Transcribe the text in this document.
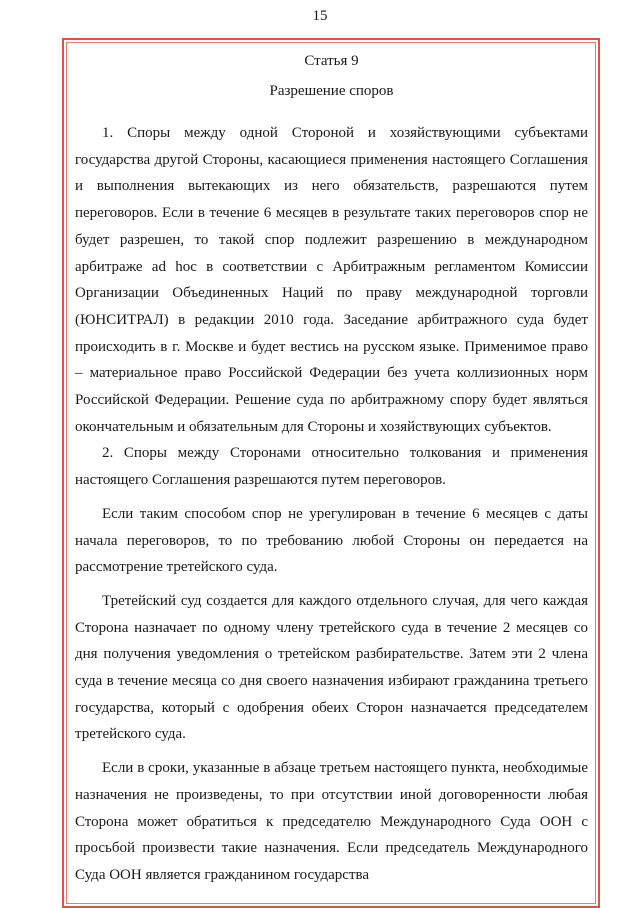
15

Статья 9

Разрешение споров

1. Споры между одной Стороной и хозяйствующими субъектами государства другой Стороны, касающиеся применения настоящего Соглашения и выполнения вытекающих из него обязательств, разрешаются путем переговоров. Если в течение 6 месяцев в результате таких переговоров спор не будет разрешен, то такой спор подлежит разрешению в международном арбитраже ad hoc в соответствии с Арбитражным регламентом Комиссии Организации Объединенных Наций по праву международной торговли (ЮНСИТРАЛ) в редакции 2010 года. Заседание арбитражного суда будет происходить в г. Москве и будет вестись на русском языке. Применимое право – материальное право Российской Федерации без учета коллизионных норм Российской Федерации. Решение суда по арбитражному спору будет являться окончательным и обязательным для Стороны и хозяйствующих субъектов.

2. Споры между Сторонами относительно толкования и применения настоящего Соглашения разрешаются путем переговоров.

Если таким способом спор не урегулирован в течение 6 месяцев с даты начала переговоров, то по требованию любой Стороны он передается на рассмотрение третейского суда.

Третейский суд создается для каждого отдельного случая, для чего каждая Сторона назначает по одному члену третейского суда в течение 2 месяцев со дня получения уведомления о третейском разбирательстве. Затем эти 2 члена суда в течение месяца со дня своего назначения избирают гражданина третьего государства, который с одобрения обеих Сторон назначается председателем третейского суда.

Если в сроки, указанные в абзаце третьем настоящего пункта, необходимые назначения не произведены, то при отсутствии иной договоренности любая Сторона может обратиться к председателю Международного Суда ООН с просьбой произвести такие назначения. Если председатель Международного Суда ООН является гражданином государства
